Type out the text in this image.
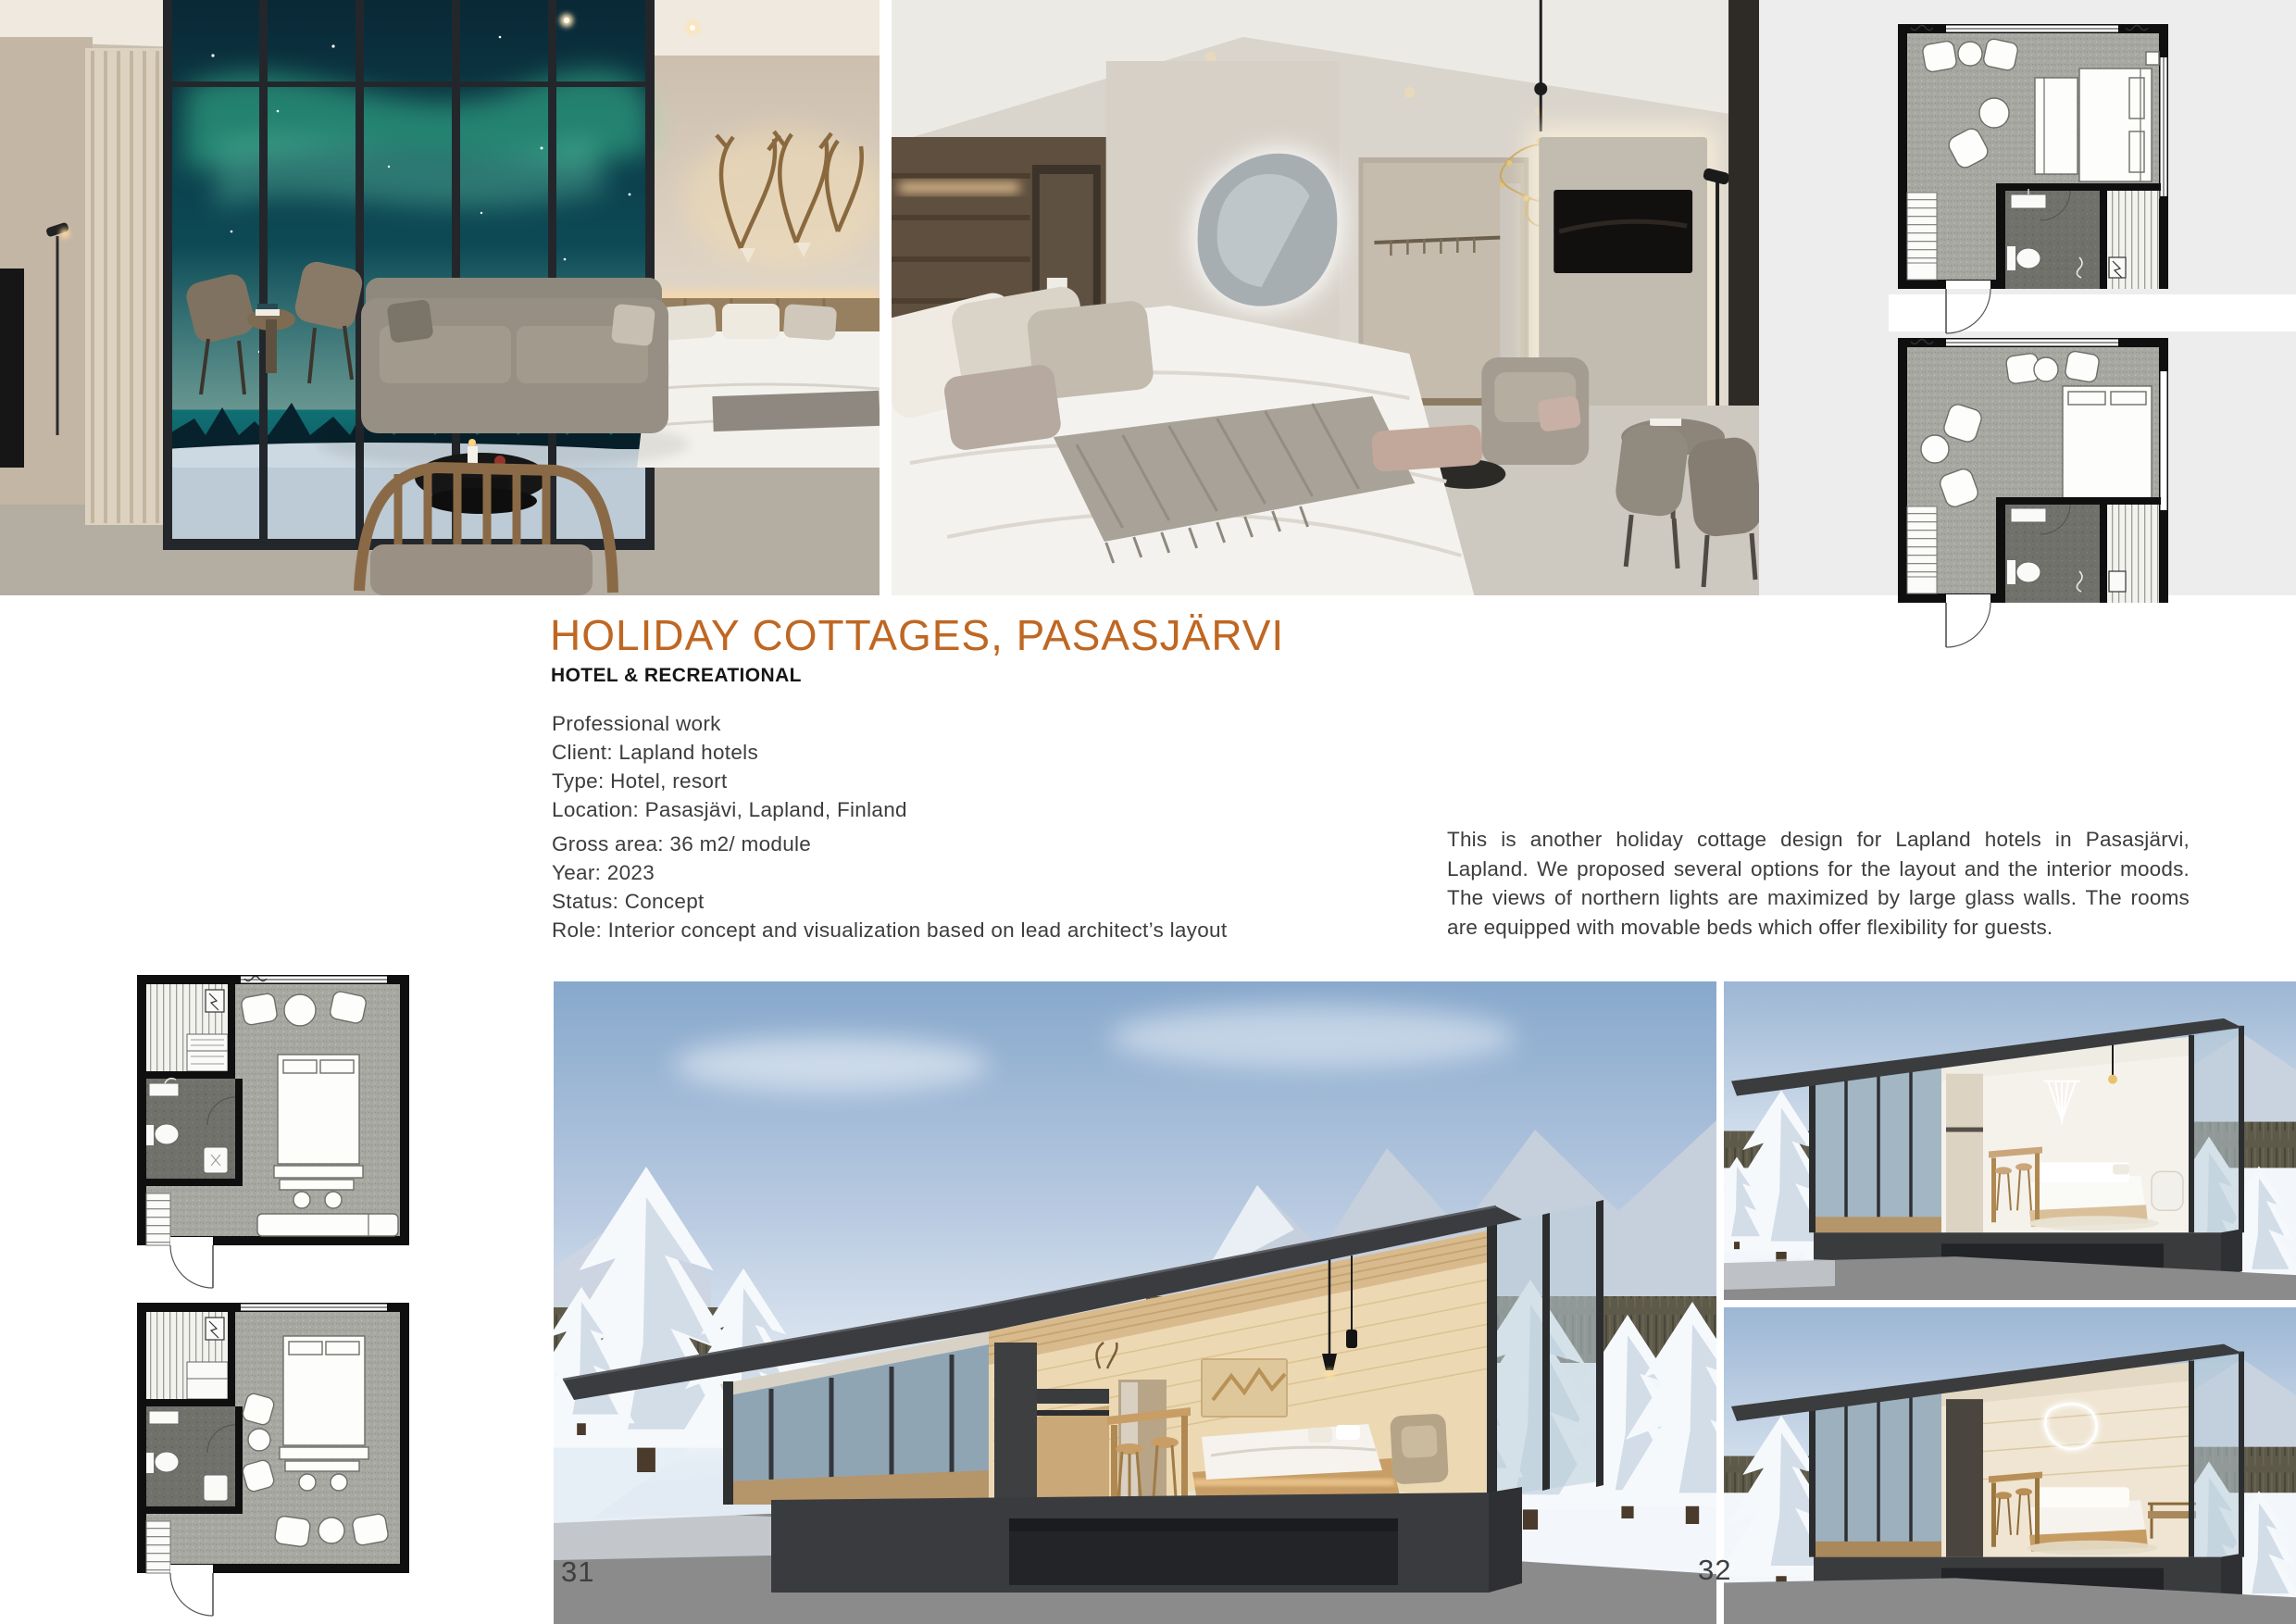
HOLIDAY COTTAGES, PASASJÄRVI
HOTEL & RECREATIONAL
Professional work
Client: Lapland hotels
Type: Hotel, resort
Location: Pasasjävi, Lapland, Finland
Gross area: 36 m2/ module
Year: 2023
Status: Concept
Role: Interior concept and visualization based on lead architect’s layout
This is another holiday cottage design for Lapland hotels in Pasasjärvi, Lapland. We proposed several options for the layout and the interior moods. The views of northern lights are maximized by large glass walls. The rooms are equipped with movable beds which offer flexibility for guests.
31	32
